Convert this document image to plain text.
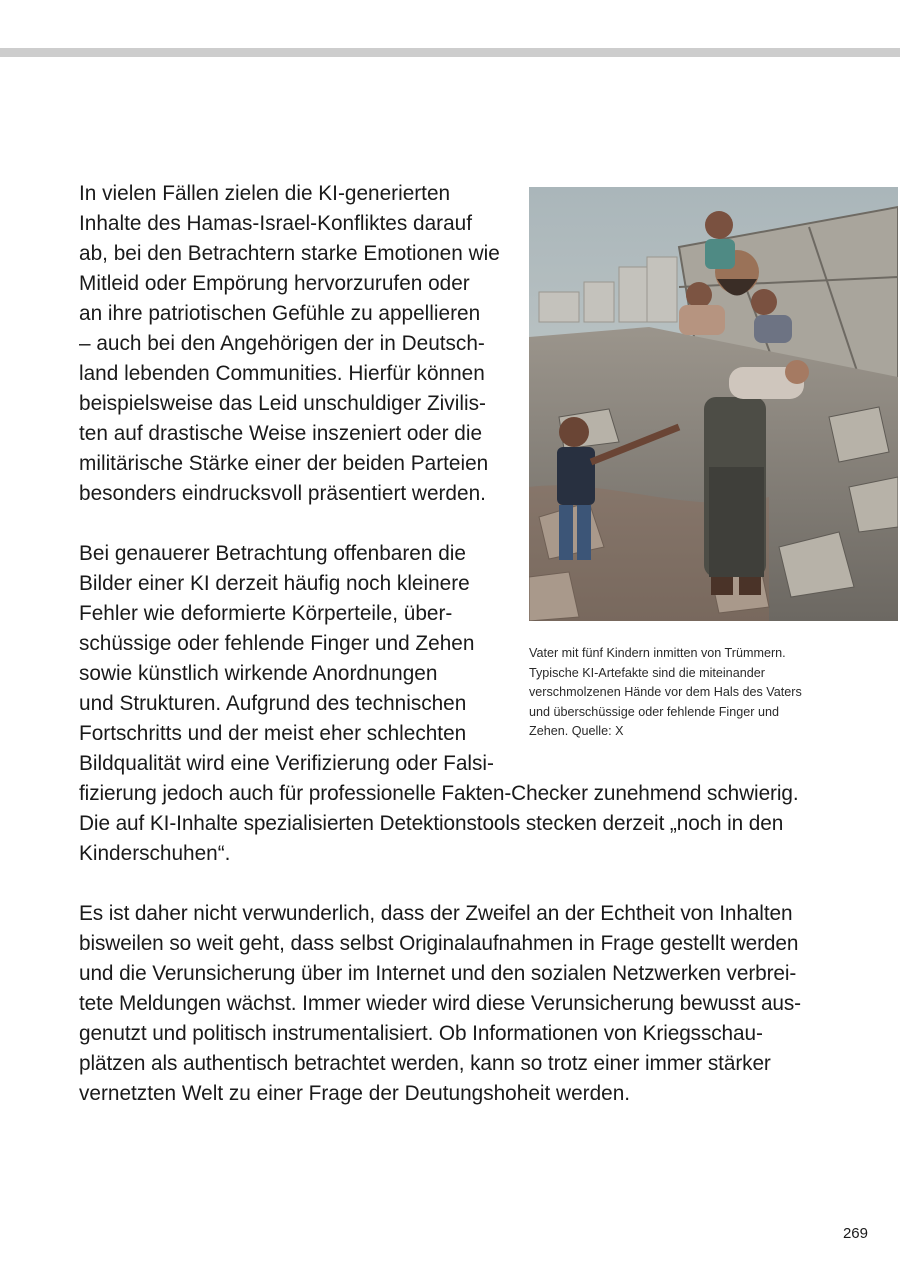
In vielen Fällen zielen die KI-generierten

Inhalte des Hamas-Israel-Konfliktes darauf

ab, bei den Betrachtern starke Emotionen wie

Mitleid oder Empörung hervorzurufen oder

an ihre patriotischen Gefühle zu appellieren

– auch bei den Angehörigen der in Deutsch-

land lebenden Communities. Hierfür können

beispielsweise das Leid unschuldiger Zivilis-

ten auf drastische Weise inszeniert oder die

militärische Stärke einer der beiden Parteien

besonders eindrucksvoll präsentiert werden.

Bei genauerer Betrachtung offenbaren die

Bilder einer KI derzeit häufig noch kleinere

Fehler wie deformierte Körperteile, über-

schüssige oder fehlende Finger und Zehen

sowie künstlich wirkende Anordnungen

und Strukturen. Aufgrund des technischen

Fortschritts und der meist eher schlechten

Bildqualität wird eine Verifizierung oder Falsi-

fizierung jedoch auch für professionelle Fakten-Checker zunehmend schwierig.

Die auf KI-Inhalte spezialisierten Detektionstools stecken derzeit „noch in den

Kinderschuhen“.

Es ist daher nicht verwunderlich, dass der Zweifel an der Echtheit von Inhalten

bisweilen so weit geht, dass selbst Originalaufnahmen in Frage gestellt werden

und die Verunsicherung über im Internet und den sozialen Netzwerken verbrei-

tete Meldungen wächst. Immer wieder wird diese Verunsicherung bewusst aus-

genutzt und politisch instrumentalisiert. Ob Informationen von Kriegsschau-

plätzen als authentisch betrachtet werden, kann so trotz einer immer stärker

vernetzten Welt zu einer Frage der Deutungshoheit werden.

Vater mit fünf Kindern inmitten von Trümmern.

Typische KI-Artefakte sind die miteinander

verschmolzenen Hände vor dem Hals des Vaters

und überschüssige oder fehlende Finger und

Zehen. Quelle: X

269
